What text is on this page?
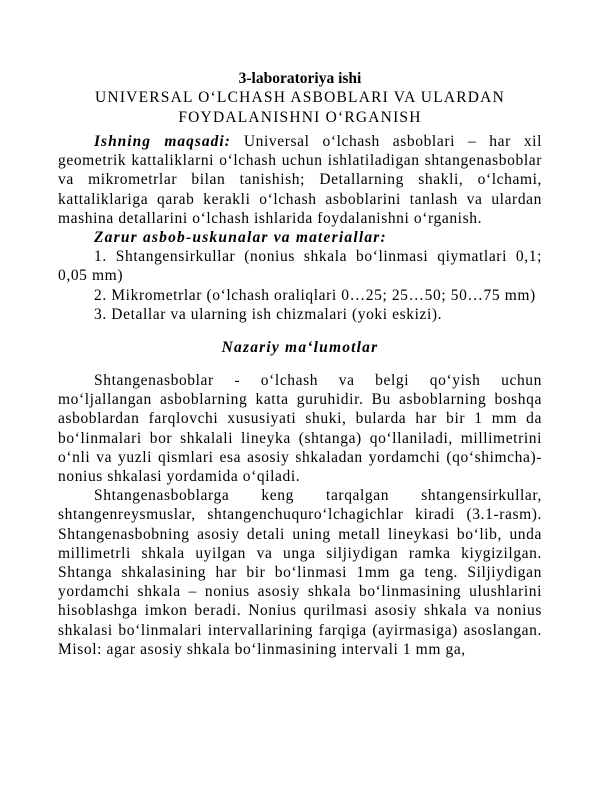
3-laboratoriya ishi

UNIVERSAL O‘LCHASH ASBOBLARI VA ULARDAN

FOYDALANISHNI O‘RGANISH

Ishning maqsadi: Universal o‘lchash asboblari – har xil geometrik kattaliklarni o‘lchash uchun ishlatiladigan shtangenasboblar va mikrometrlar bilan tanishish; Detallarning shakli, o‘lchami, kattaliklariga qarab kerakli o‘lchash asboblarini tanlash va ulardan mashina detallarini o‘lchash ishlarida foydalanishni o‘rganish.

Zarur asbob-uskunalar va materiallar:

1. Shtangensirkullar (nonius shkala bo‘linmasi qiymatlari 0,1; 0,05 mm)

2. Mikrometrlar (o‘lchash oraliqlari 0…25; 25…50; 50…75 mm)

3. Detallar va ularning ish chizmalari (yoki eskizi).

Nazariy ma‘lumotlar

Shtangenasboblar - o‘lchash va belgi qo‘yish uchun mo‘ljallangan asboblarning katta guruhidir. Bu asboblarning boshqa asboblardan farqlovchi xususiyati shuki, bularda har bir 1 mm da bo‘linmalari bor shkalali lineyka (shtanga) qo‘llaniladi, millimetrini o‘nli va yuzli qismlari esa asosiy shkaladan yordamchi (qo‘shimcha)-nonius shkalasi yordamida o‘qiladi.

Shtangenasboblarga keng tarqalgan shtangensirkullar, shtangenreysmuslar, shtangenchuquro‘lchagichlar kiradi (3.1-rasm). Shtangenasbobning asosiy detali uning metall lineykasi bo‘lib, unda millimetrli shkala uyilgan va unga siljiydigan ramka kiygizilgan. Shtanga shkalasining har bir bo‘linmasi 1mm ga teng. Siljiydigan yordamchi shkala – nonius asosiy shkala bo‘linmasining ulushlarini hisoblashga imkon beradi. Nonius qurilmasi asosiy shkala va nonius shkalasi bo‘linmalari intervallarining farqiga (ayirmasiga) asoslangan. Misol: agar asosiy shkala bo‘linmasining intervali 1 mm ga,
